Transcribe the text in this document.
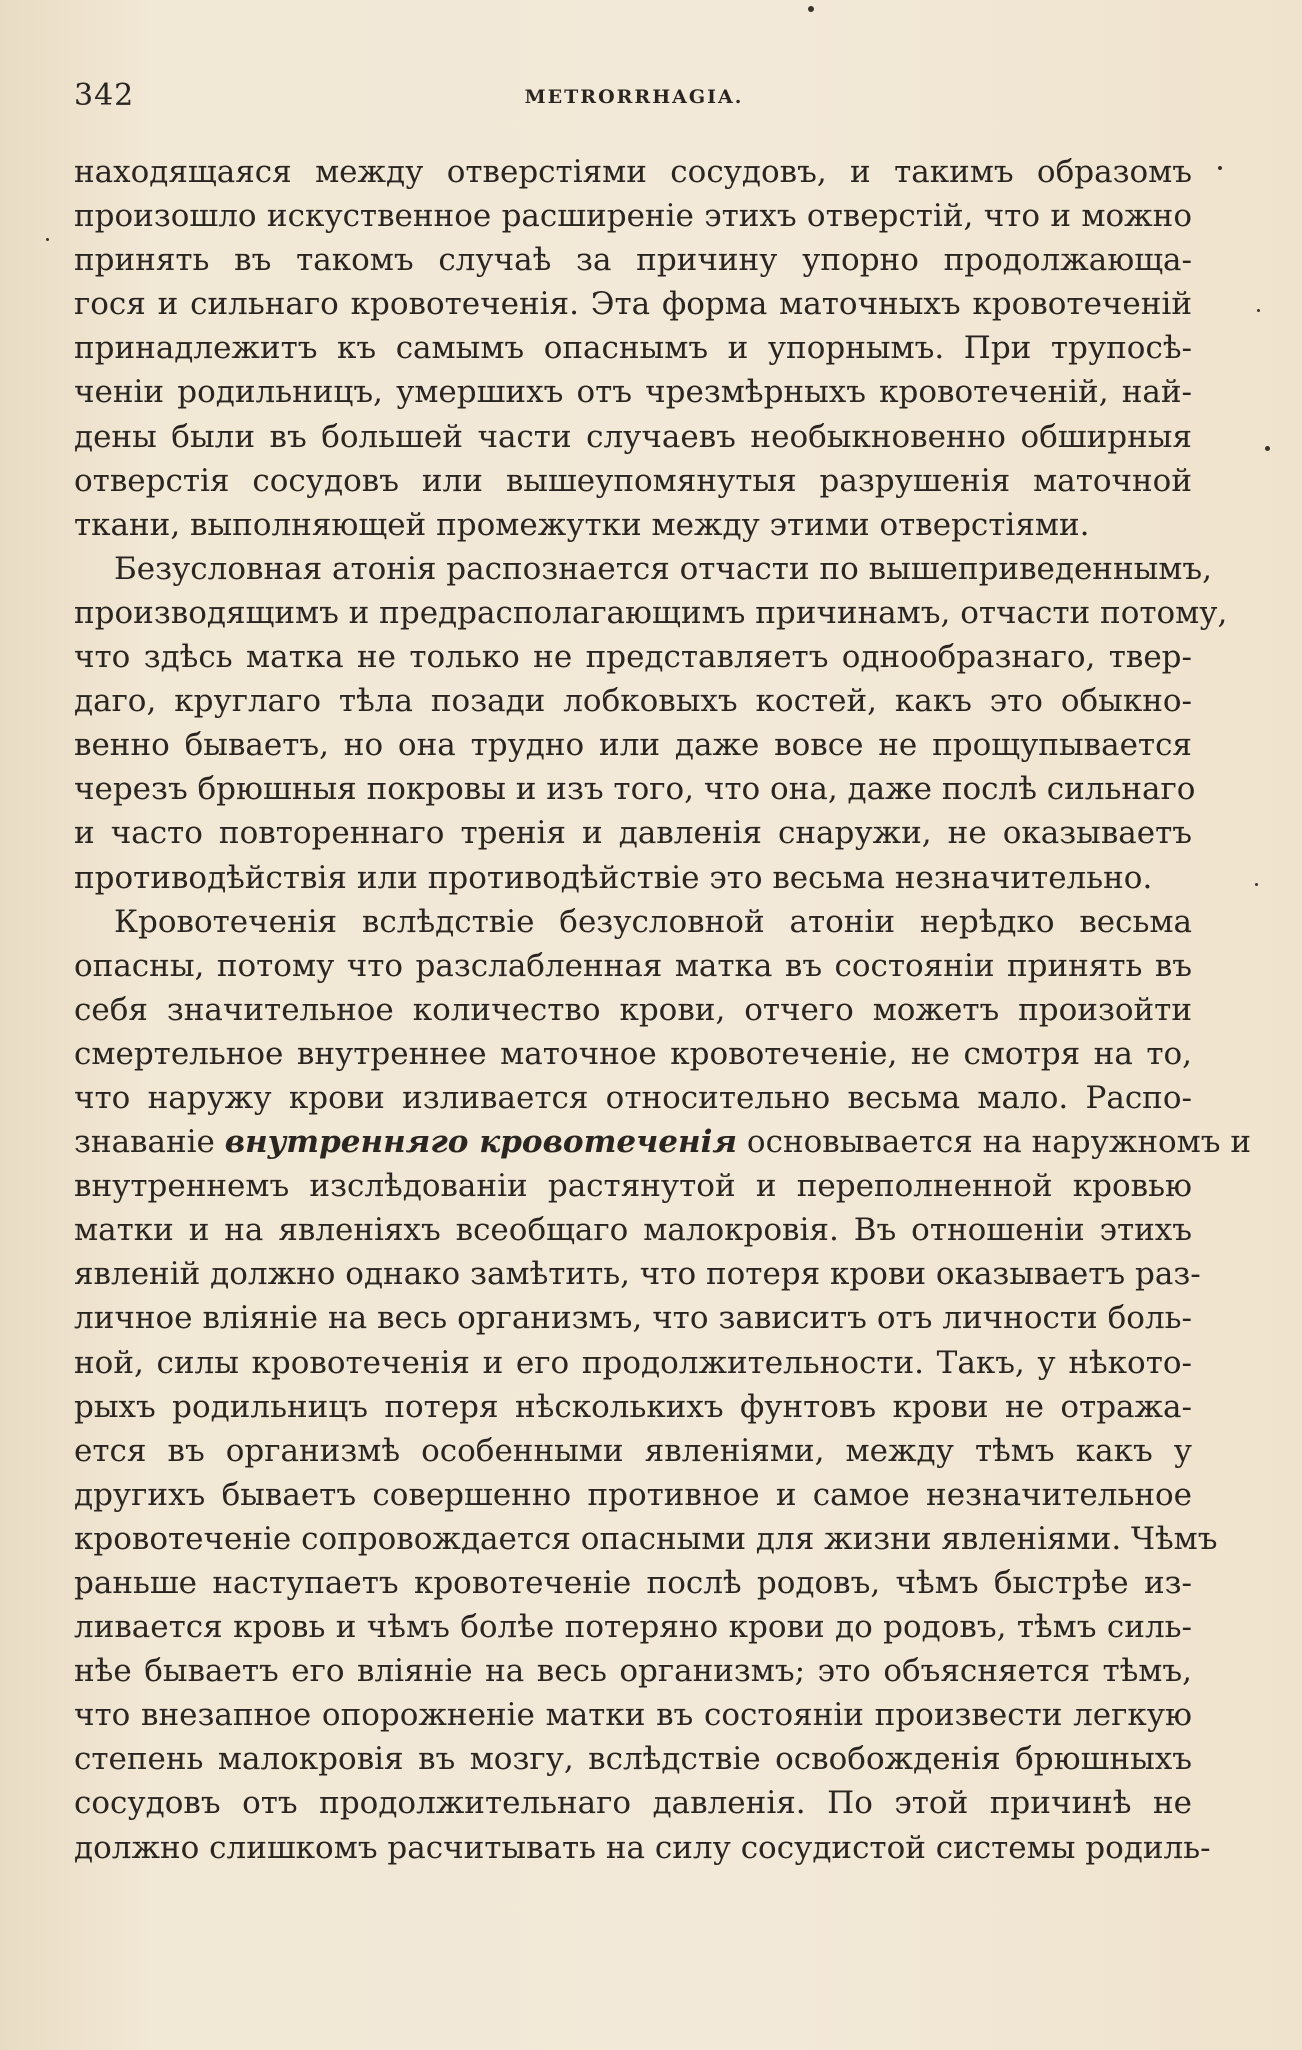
342	METRORRHAGIA.
находящаяся между отверстіями сосудовъ, и такимъ образомъ
произошло искуственное расширеніе этихъ отверстій, что и можно
принять въ такомъ случаѣ за причину упорно продолжающа-
гося и сильнаго кровотеченія. Эта форма маточныхъ кровотеченій
принадлежитъ къ самымъ опаснымъ и упорнымъ. При трупосѣ-
ченіи родильницъ, умершихъ отъ чрезмѣрныхъ кровотеченій, най-
дены были въ большей части случаевъ необыкновенно обширныя
отверстія сосудовъ или вышеупомянутыя разрушенія маточной
ткани, выполняющей промежутки между этими отверстіями.
Безусловная атонія распознается отчасти по вышеприведеннымъ,
производящимъ и предрасполагающимъ причинамъ, отчасти потому,
что здѣсь матка не только не представляетъ однообразнаго, твер-
даго, круглаго тѣла позади лобковыхъ костей, какъ это обыкно-
венно бываетъ, но она трудно или даже вовсе не прощупывается
черезъ брюшныя покровы и изъ того, что она, даже послѣ сильнаго
и часто повтореннаго тренія и давленія снаружи, не оказываетъ
противодѣйствія или противодѣйствіе это весьма незначительно.
Кровотеченія вслѣдствіе безусловной атоніи нерѣдко весьма
опасны, потому что разслабленная матка въ состояніи принять въ
себя значительное количество крови, отчего можетъ произойти
смертельное внутреннее маточное кровотеченіе, не смотря на то,
что наружу крови изливается относительно весьма мало. Распо-
знаваніе внутренняго кровотеченія основывается на наружномъ и
внутреннемъ изслѣдованіи растянутой и переполненной кровью
матки и на явленіяхъ всеобщаго малокровія. Въ отношеніи этихъ
явленій должно однако замѣтить, что потеря крови оказываетъ раз-
личное вліяніе на весь организмъ, что зависитъ отъ личности боль-
ной, силы кровотеченія и его продолжительности. Такъ, у нѣкото-
рыхъ родильницъ потеря нѣсколькихъ фунтовъ крови не отража-
ется въ организмѣ особенными явленіями, между тѣмъ какъ у
другихъ бываетъ совершенно противное и самое незначительное
кровотеченіе сопровождается опасными для жизни явленіями. Чѣмъ
раньше наступаетъ кровотеченіе послѣ родовъ, чѣмъ быстрѣе из-
ливается кровь и чѣмъ болѣе потеряно крови до родовъ, тѣмъ силь-
нѣе бываетъ его вліяніе на весь организмъ; это объясняется тѣмъ,
что внезапное опорожненіе матки въ состояніи произвести легкую
степень малокровія въ мозгу, вслѣдствіе освобожденія брюшныхъ
сосудовъ отъ продолжительнаго давленія. По этой причинѣ не
должно слишкомъ расчитывать на силу сосудистой системы родиль-
